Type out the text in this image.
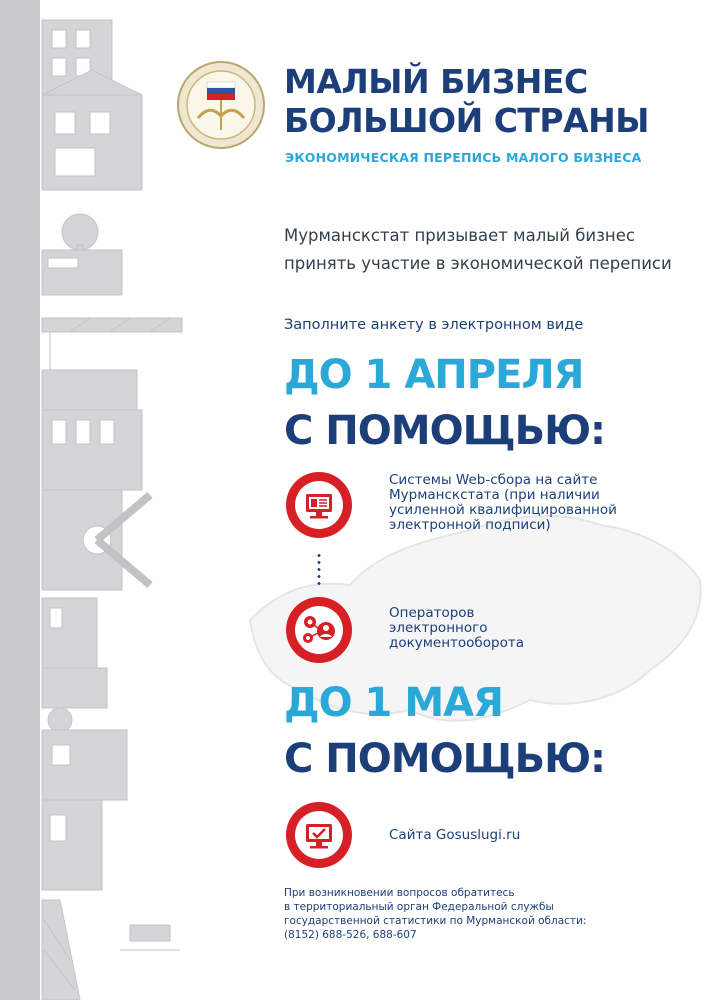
МАЛЫЙ БИЗНЕС
БОЛЬШОЙ СТРАНЫ
ЭКОНОМИЧЕСКАЯ ПЕРЕПИСЬ МАЛОГО БИЗНЕСА
Мурманскстат призывает малый бизнес
принять участие в экономической переписи
Заполните анкету в электронном виде
ДО 1 АПРЕЛЯ
С ПОМОЩЬЮ:
Системы Web-сбора на сайте
Мурманскстата (при наличии
усиленной квалифицированной
электронной подписи)
Операторов
электронного
документооборота
ДО 1 МАЯ
С ПОМОЩЬЮ:
Сайта Gosuslugi.ru
При возникновении вопросов обратитесь
в территориальный орган Федеральной службы
государственной статистики по Мурманской области:
(8152) 688-526, 688-607
